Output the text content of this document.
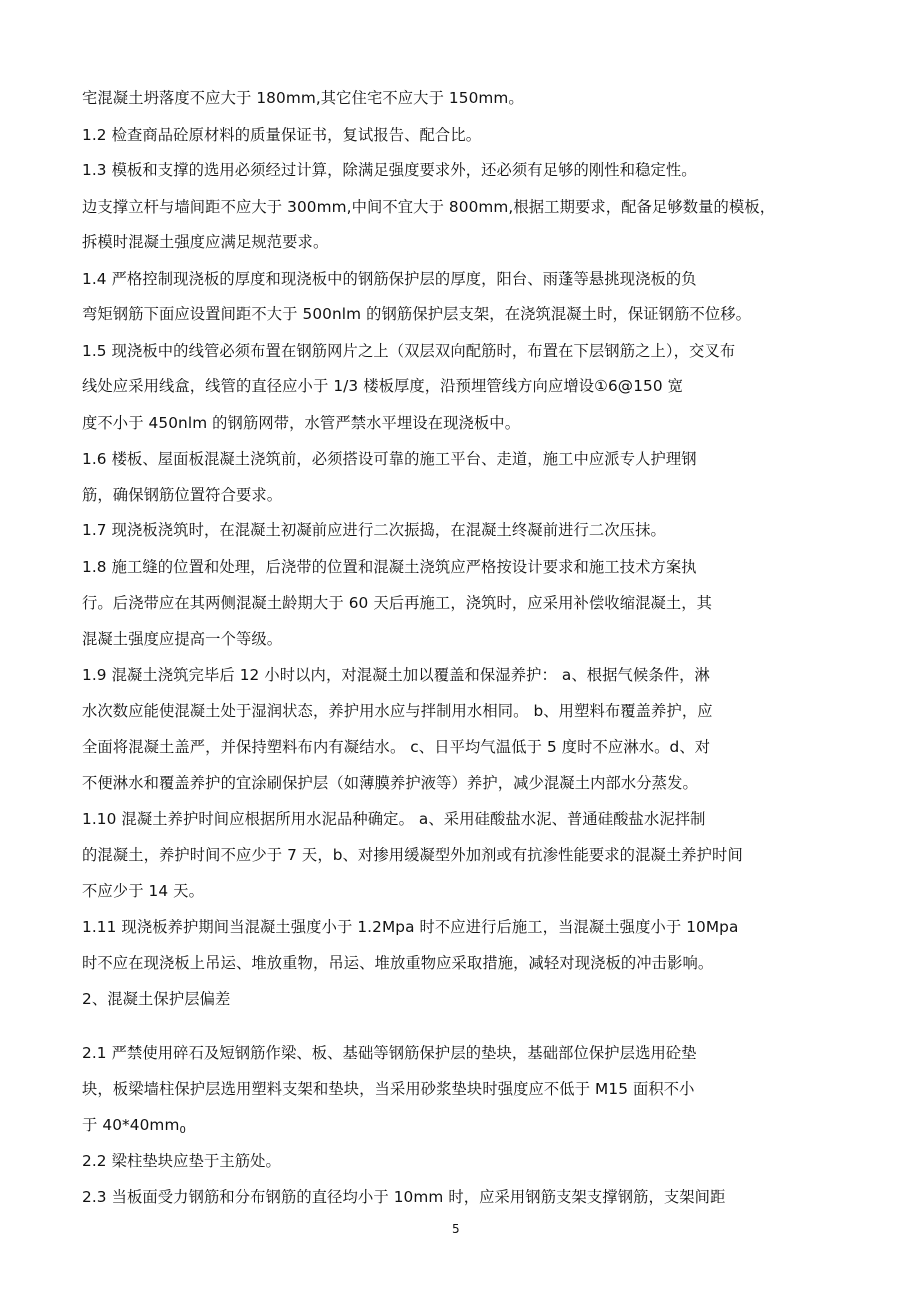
宅混凝土坍落度不应大于 180mm,其它住宅不应大于 150mm。
1.2 检查商品砼原材料的质量保证书，复试报告、配合比。
1.3 模板和支撑的选用必须经过计算，除满足强度要求外，还必须有足够的刚性和稳定性。
边支撑立杆与墙间距不应大于 300mm,中间不宜大于 800mm,根据工期要求，配备足够数量的模板，
拆模时混凝土强度应满足规范要求。
1.4 严格控制现浇板的厚度和现浇板中的钢筋保护层的厚度，阳台、雨蓬等悬挑现浇板的负
弯矩钢筋下面应设置间距不大于 500nlm 的钢筋保护层支架，在浇筑混凝土时，保证钢筋不位移。
1.5 现浇板中的线管必须布置在钢筋网片之上（双层双向配筋时，布置在下层钢筋之上），交叉布
线处应采用线盒，线管的直径应小于 1/3 楼板厚度，沿预埋管线方向应增设①6@150 宽
度不小于 450nlm 的钢筋网带，水管严禁水平埋设在现浇板中。
1.6 楼板、屋面板混凝土浇筑前，必须搭设可靠的施工平台、走道，施工中应派专人护理钢
筋，确保钢筋位置符合要求。
1.7 现浇板浇筑时，在混凝土初凝前应进行二次振捣，在混凝土终凝前进行二次压抹。
1.8 施工缝的位置和处理，后浇带的位置和混凝土浇筑应严格按设计要求和施工技术方案执
行。后浇带应在其两侧混凝土龄期大于 60 天后再施工，浇筑时，应采用补偿收缩混凝土，其
混凝土强度应提高一个等级。
1.9 混凝土浇筑完毕后 12 小时以内，对混凝土加以覆盖和保湿养护： a、根据气候条件，淋
水次数应能使混凝土处于湿润状态，养护用水应与拌制用水相同。 b、用塑料布覆盖养护，应
全面将混凝土盖严，并保持塑料布内有凝结水。 c、日平均气温低于 5 度时不应淋水。d、对
不便淋水和覆盖养护的宜涂刷保护层（如薄膜养护液等）养护，减少混凝土内部水分蒸发。
1.10 混凝土养护时间应根据所用水泥品种确定。 a、采用硅酸盐水泥、普通硅酸盐水泥拌制
的混凝土，养护时间不应少于 7 天，b、对掺用缓凝型外加剂或有抗渗性能要求的混凝土养护时间
不应少于 14 天。
1.11 现浇板养护期间当混凝土强度小于 1.2Mpa 时不应进行后施工，当混凝土强度小于 10Mpa
时不应在现浇板上吊运、堆放重物，吊运、堆放重物应采取措施，减轻对现浇板的冲击影响。
2、混凝土保护层偏差
2.1 严禁使用碎石及短钢筋作梁、板、基础等钢筋保护层的垫块，基础部位保护层选用砼垫
块，板梁墙柱保护层选用塑料支架和垫块，当采用砂浆垫块时强度应不低于 M15 面积不小
于 $40*40mm_0$
2.2 梁柱垫块应垫于主筋处。
2.3 当板面受力钢筋和分布钢筋的直径均小于 10mm 时，应采用钢筋支架支撑钢筋，支架间距
5
